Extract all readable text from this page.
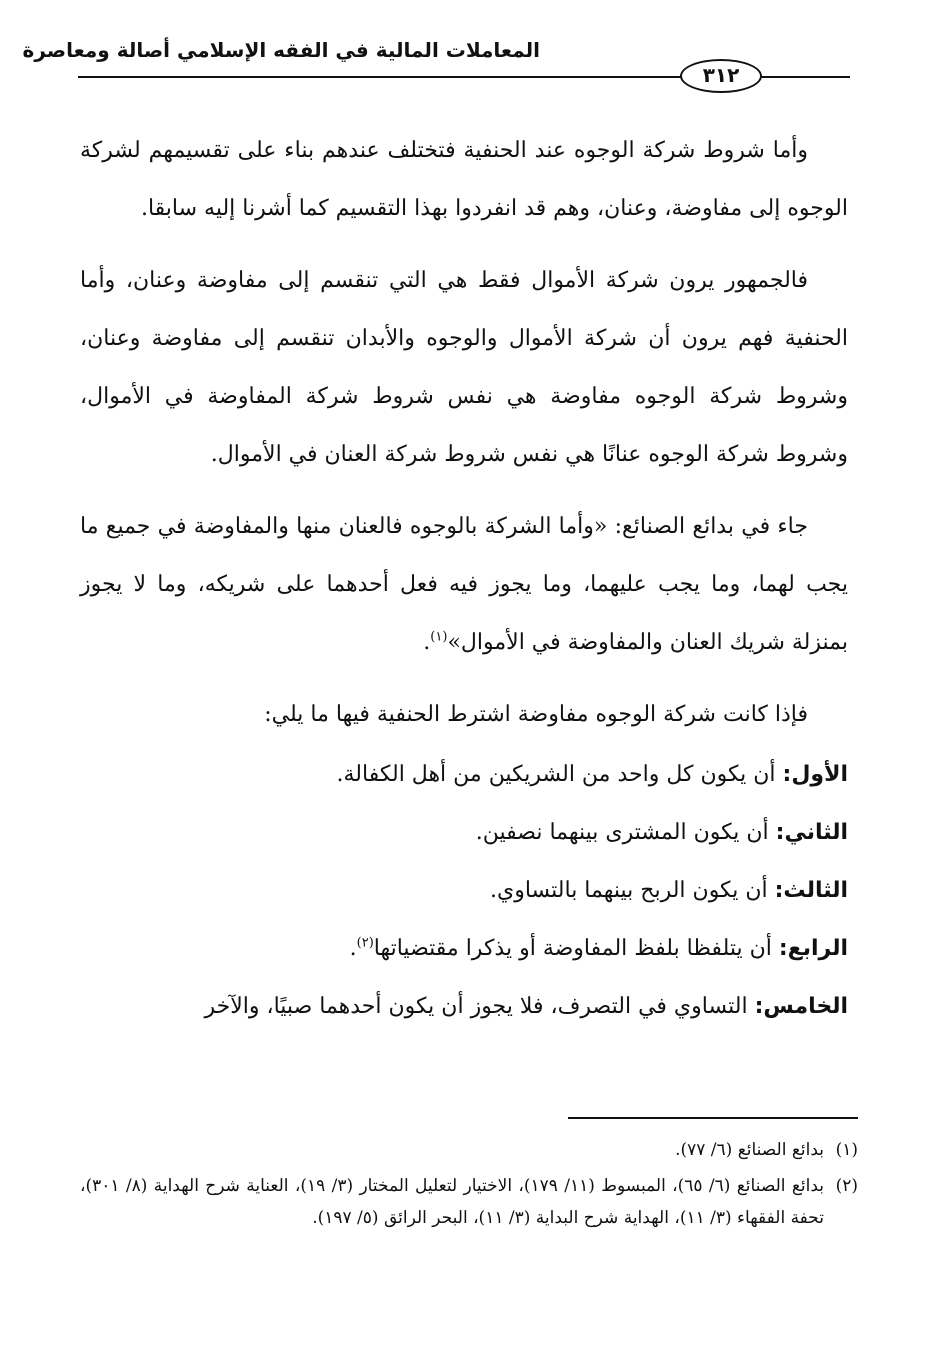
المعاملات المالية في الفقه الإسلامي أصالة ومعاصرة
٣١٢

وأما شروط شركة الوجوه عند الحنفية فتختلف عندهم بناء على تقسيمهم لشركة الوجوه إلى مفاوضة، وعنان، وهم قد انفردوا بهذا التقسيم كما أشرنا إليه سابقا.

فالجمهور يرون شركة الأموال فقط هي التي تنقسم إلى مفاوضة وعنان، وأما الحنفية فهم يرون أن شركة الأموال والوجوه والأبدان تنقسم إلى مفاوضة وعنان، وشروط شركة الوجوه مفاوضة هي نفس شروط شركة المفاوضة في الأموال، وشروط شركة الوجوه عنانًا هي نفس شروط شركة العنان في الأموال.

جاء في بدائع الصنائع: «وأما الشركة بالوجوه فالعنان منها والمفاوضة في جميع ما يجب لهما، وما يجب عليهما، وما يجوز فيه فعل أحدهما على شريكه، وما لا يجوز بمنزلة شريك العنان والمفاوضة في الأموال»$^{(١)}$.

فإذا كانت شركة الوجوه مفاوضة اشترط الحنفية فيها ما يلي:

الأول: أن يكون كل واحد من الشريكين من أهل الكفالة.

الثاني: أن يكون المشترى بينهما نصفين.

الثالث: أن يكون الربح بينهما بالتساوي.

الرابع: أن يتلفظا بلفظ المفاوضة أو يذكرا مقتضياتها$^{(٢)}$.

الخامس: التساوي في التصرف، فلا يجوز أن يكون أحدهما صبيًا، والآخر

(١)
بدائع الصنائع (٦/ ٧٧).

(٢)
بدائع الصنائع (٦/ ٦٥)، المبسوط (١١/ ١٧٩)، الاختيار لتعليل المختار (٣/ ١٩)، العناية شرح الهداية (٨/ ٣٠١)، تحفة الفقهاء (٣/ ١١)، الهداية شرح البداية (٣/ ١١)، البحر الرائق (٥/ ١٩٧).
